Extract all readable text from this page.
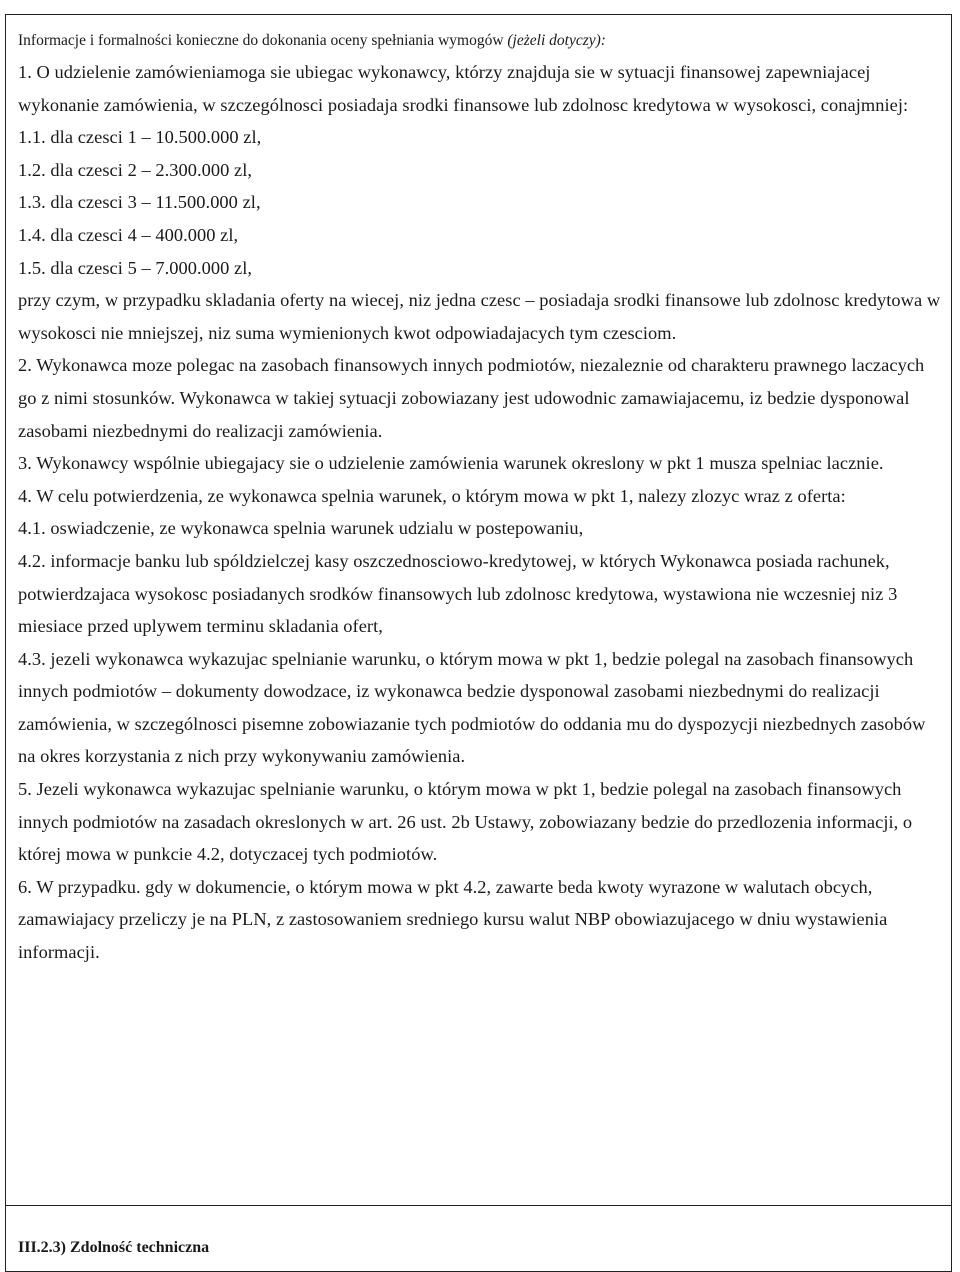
Informacje i formalności konieczne do dokonania oceny spełniania wymogów (jeżeli dotyczy):

1. O udzielenie zamówieniamoga sie ubiegac wykonawcy, którzy znajduja sie w sytuacji finansowej zapewniajacej wykonanie zamówienia, w szczególnosci posiadaja srodki finansowe lub zdolnosc kredytowa w wysokosci, conajmniej:

1.1. dla czesci 1 – 10.500.000 zl,

1.2. dla czesci 2 – 2.300.000 zl,

1.3. dla czesci 3 – 11.500.000 zl,

1.4. dla czesci 4 – 400.000 zl,

1.5. dla czesci 5 – 7.000.000 zl,

przy czym, w przypadku skladania oferty na wiecej, niz jedna czesc – posiadaja srodki finansowe lub zdolnosc kredytowa w wysokosci nie mniejszej, niz suma wymienionych kwot odpowiadajacych tym czesciom.

2. Wykonawca moze polegac na zasobach finansowych innych podmiotów, niezaleznie od charakteru prawnego laczacych go z nimi stosunków. Wykonawca w takiej sytuacji zobowiazany jest udowodnic zamawiajacemu, iz bedzie dysponowal zasobami niezbednymi do realizacji zamówienia.

3. Wykonawcy wspólnie ubiegajacy sie o udzielenie zamówienia warunek okreslony w pkt 1 musza spelniac lacznie.

4. W celu potwierdzenia, ze wykonawca spelnia warunek, o którym mowa w pkt 1, nalezy zlozyc wraz z oferta:

4.1. oswiadczenie, ze wykonawca spelnia warunek udzialu w postepowaniu,

4.2. informacje banku lub spóldzielczej kasy oszczednosciowo-kredytowej, w których Wykonawca posiada rachunek, potwierdzajaca wysokosc posiadanych srodków finansowych lub zdolnosc kredytowa, wystawiona nie wczesniej niz 3 miesiace przed uplywem terminu skladania ofert,

4.3. jezeli wykonawca wykazujac spelnianie warunku, o którym mowa w pkt 1, bedzie polegal na zasobach finansowych innych podmiotów – dokumenty dowodzace, iz wykonawca bedzie dysponowal zasobami niezbednymi do realizacji zamówienia, w szczególnosci pisemne zobowiazanie tych podmiotów do oddania mu do dyspozycji niezbednych zasobów na okres korzystania z nich przy wykonywaniu zamówienia.

5. Jezeli wykonawca wykazujac spelnianie warunku, o którym mowa w pkt 1, bedzie polegal na zasobach finansowych innych podmiotów na zasadach okreslonych w art. 26 ust. 2b Ustawy, zobowiazany bedzie do przedlozenia informacji, o której mowa w punkcie 4.2, dotyczacej tych podmiotów.

6. W przypadku. gdy w dokumencie, o którym mowa w pkt 4.2, zawarte beda kwoty wyrazone w walutach obcych, zamawiajacy przeliczy je na PLN, z zastosowaniem sredniego kursu walut NBP obowiazujacego w dniu wystawienia informacji.

III.2.3) Zdolność techniczna
